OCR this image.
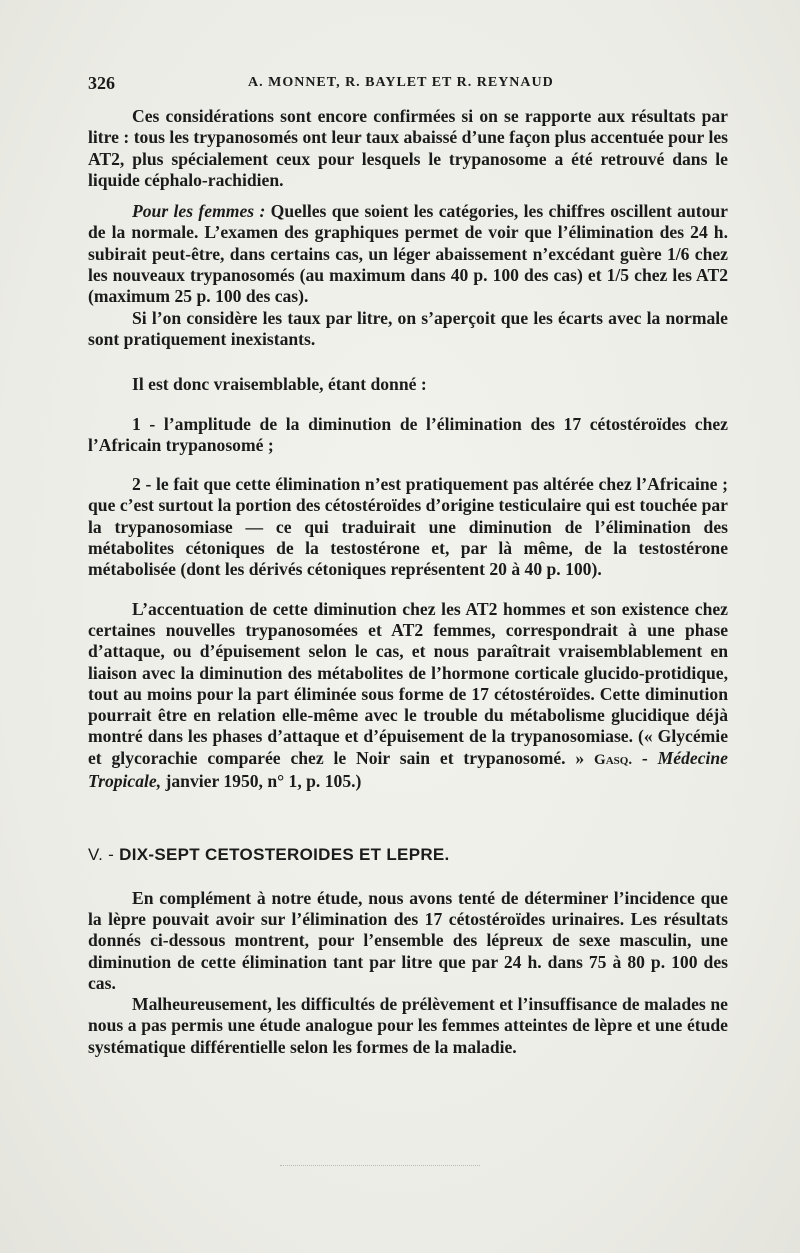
326	A. MONNET, R. BAYLET ET R. REYNAUD

Ces considérations sont encore confirmées si on se rapporte aux résultats par litre : tous les trypanosomés ont leur taux abaissé d’une façon plus accentuée pour les AT2, plus spécialement ceux pour lesquels le trypanosome a été retrouvé dans le liquide céphalo-rachidien.

Pour les femmes : Quelles que soient les catégories, les chiffres oscillent autour de la normale. L’examen des graphiques permet de voir que l’élimination des 24 h. subirait peut-être, dans certains cas, un léger abaissement n’excédant guère 1/6 chez les nouveaux trypanosomés (au maximum dans 40 p. 100 des cas) et 1/5 chez les AT2 (maximum 25 p. 100 des cas).

Si l’on considère les taux par litre, on s’aperçoit que les écarts avec la normale sont pratiquement inexistants.

Il est donc vraisemblable, étant donné :

1 - l’amplitude de la diminution de l’élimination des 17 cétostéroïdes chez l’Africain trypanosomé ;

2 - le fait que cette élimination n’est pratiquement pas altérée chez l’Africaine ; que c’est surtout la portion des cétostéroïdes d’origine testiculaire qui est touchée par la trypanosomiase — ce qui traduirait une diminution de l’élimination des métabolites cétoniques de la testostérone et, par là même, de la testostérone métabolisée (dont les dérivés cétoniques représentent 20 à 40 p. 100).

L’accentuation de cette diminution chez les AT2 hommes et son existence chez certaines nouvelles trypanosomées et AT2 femmes, correspondrait à une phase d’attaque, ou d’épuisement selon le cas, et nous paraîtrait vraisemblablement en liaison avec la diminution des métabolites de l’hormone corticale glucido-protidique, tout au moins pour la part éliminée sous forme de 17 cétostéroïdes. Cette diminution pourrait être en relation elle-même avec le trouble du métabolisme glucidique déjà montré dans les phases d’attaque et d’épuisement de la trypanosomiase. (« Glycémie et glycorachie comparée chez le Noir sain et trypanosomé. » Gasq. - Médecine Tropicale, janvier 1950, n° 1, p. 105.)

V. - DIX-SEPT CETOSTEROIDES ET LEPRE.

En complément à notre étude, nous avons tenté de déterminer l’incidence que la lèpre pouvait avoir sur l’élimination des 17 cétostéroïdes urinaires. Les résultats donnés ci-dessous montrent, pour l’ensemble des lépreux de sexe masculin, une diminution de cette élimination tant par litre que par 24 h. dans 75 à 80 p. 100 des cas.

Malheureusement, les difficultés de prélèvement et l’insuffisance de malades ne nous a pas permis une étude analogue pour les femmes atteintes de lèpre et une étude systématique différentielle selon les formes de la maladie.
